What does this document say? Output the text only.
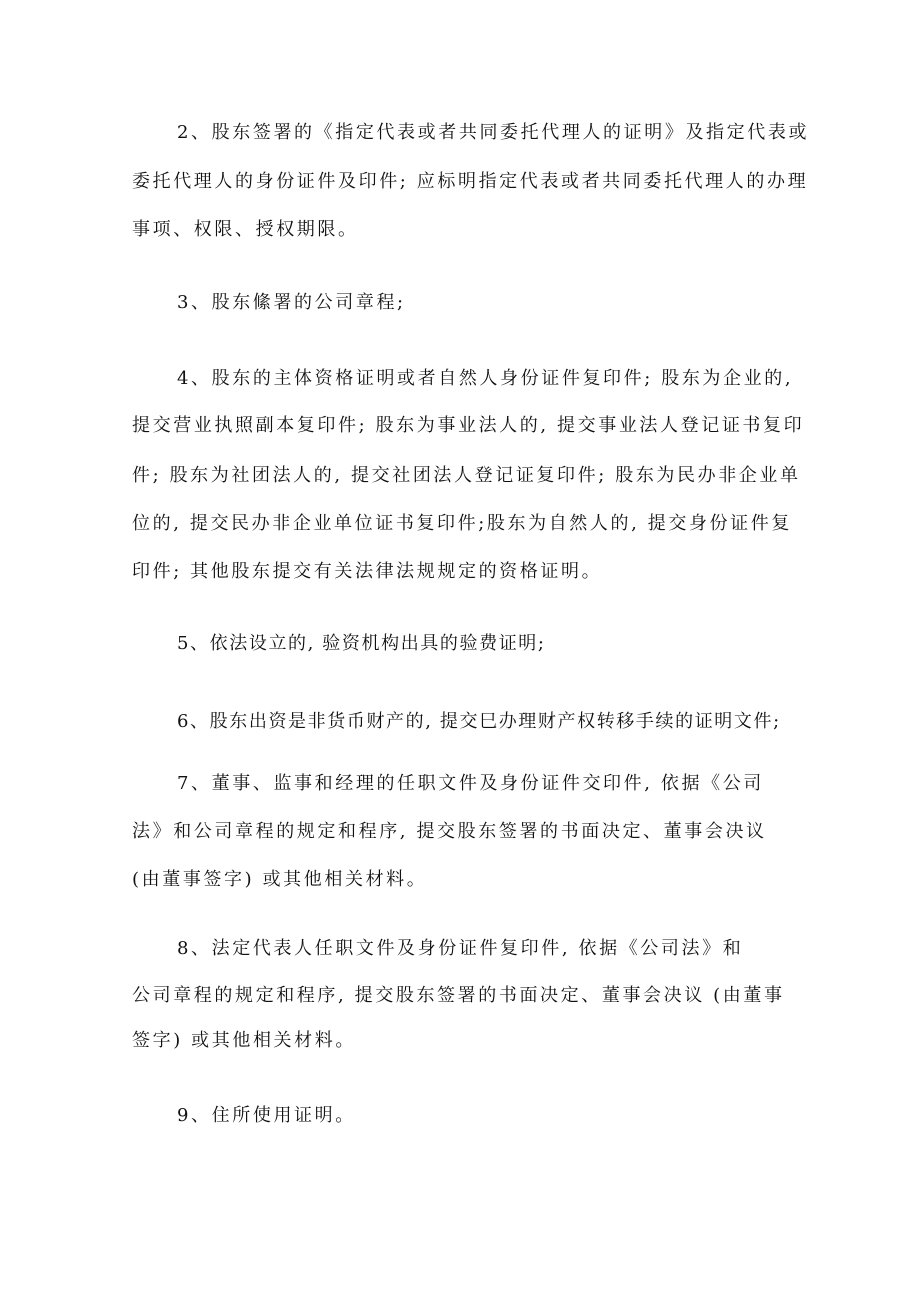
2、股东签署的《指定代表或者共同委托代理人的证明》及指定代表或
委托代理人的身份证件及印件; 应标明指定代表或者共同委托代理人的办理
事项、权限、授权期限。
3、股东絛署的公司章程;
4、股东的主体资格证明或者自然人身份证件复印件; 股东为企业的,
提交营业执照副本复印件; 股东为事业法人的, 提交事业法人登记证书复印
件; 股东为社团法人的, 提交社团法人登记证复印件; 股东为民办非企业单
位的, 提交民办非企业单位证书复印件;股东为自然人的, 提交身份证件复
印件; 其他股东提交有关法律法规规定的资格证明。
5、依法设立的, 验资机构出具的验费证明;
6、股东出资是非货币财产的, 提交巳办理财产权转移手续的证明文件;
7、董事、监事和经理的任职文件及身份证件交印件, 依据《公司
法》和公司章程的规定和程序, 提交股东签署的书面决定、董事会决议
(由董事签字) 或其他相关材料。
8、法定代表人任职文件及身份证件复印件, 依据《公司法》和
公司章程的规定和程序, 提交股东签署的书面决定、董事会决议 (由董事
签字) 或其他相关材料。
9、住所使用证明。
